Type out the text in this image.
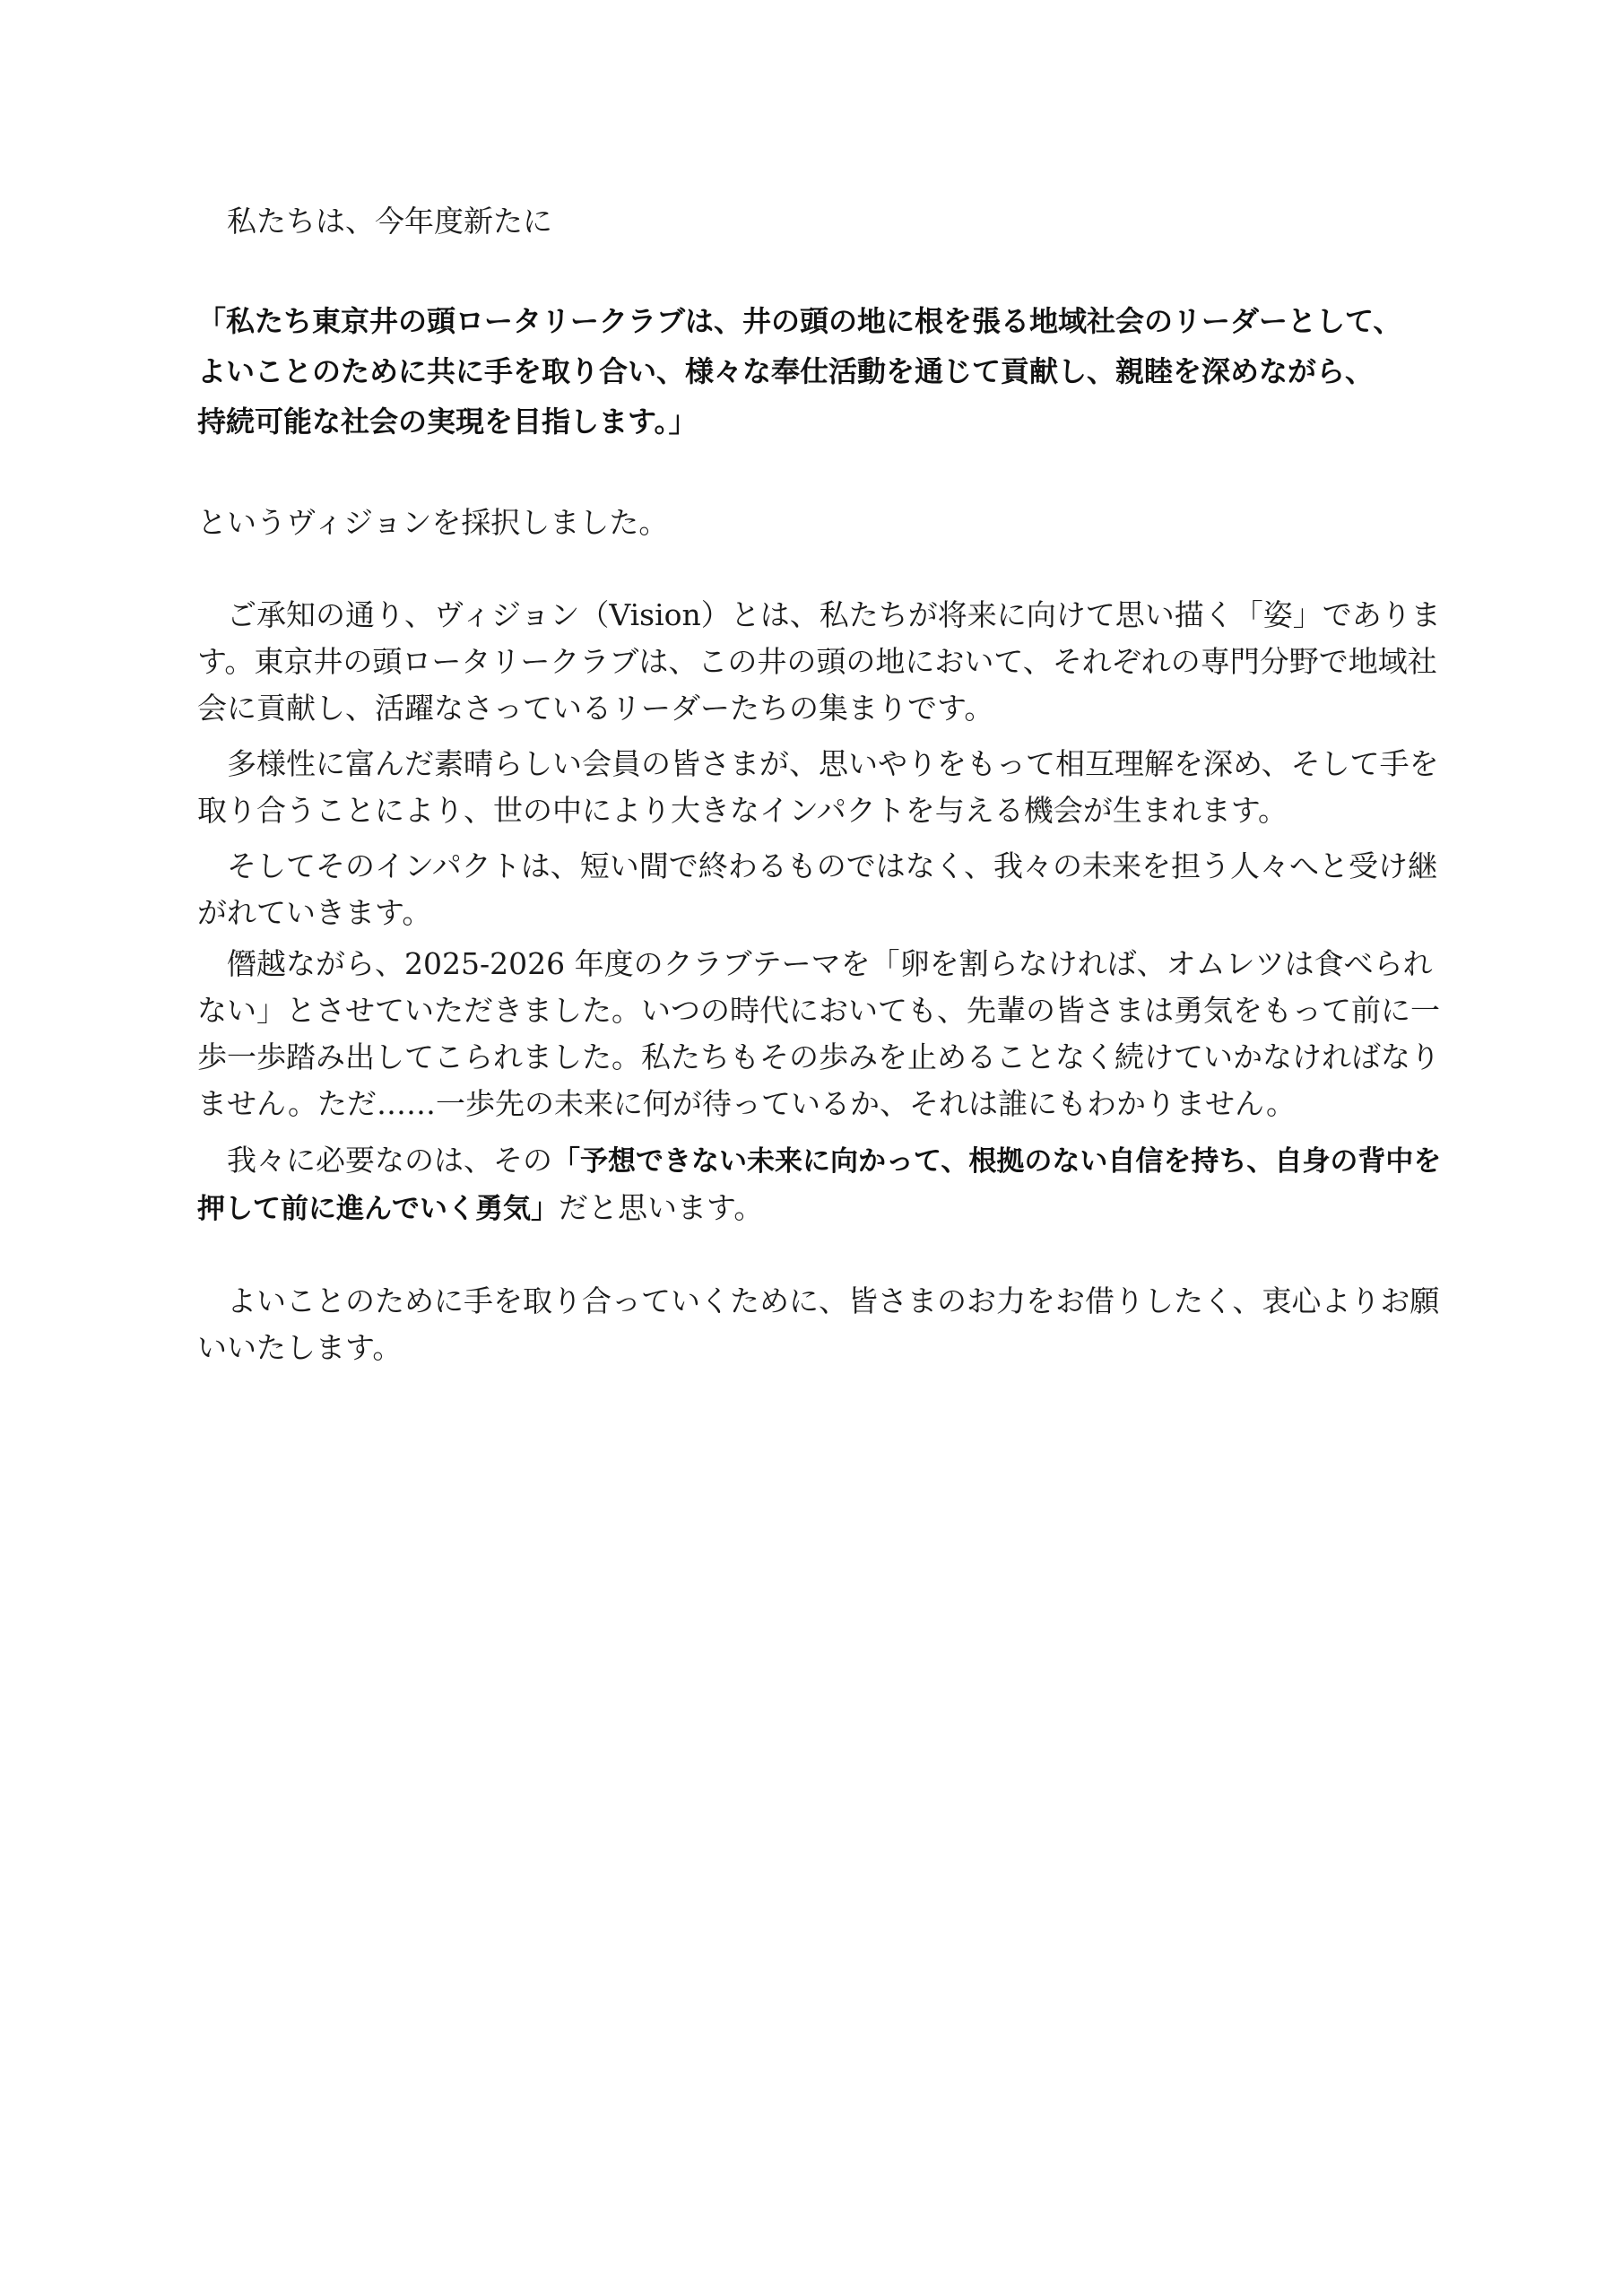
私たちは、今年度新たに

「私たち東京井の頭ロータリークラブは、井の頭の地に根を張る地域社会のリーダーとして、
よいことのために共に手を取り合い、様々な奉仕活動を通じて貢献し、親睦を深めながら、
持続可能な社会の実現を目指します。」

というヴィジョンを採択しました。

ご承知の通り、ヴィジョン（Vision）とは、私たちが将来に向けて思い描く「姿」であります。東京井の頭ロータリークラブは、この井の頭の地において、それぞれの専門分野で地域社会に貢献し、活躍なさっているリーダーたちの集まりです。

多様性に富んだ素晴らしい会員の皆さまが、思いやりをもって相互理解を深め、そして手を取り合うことにより、世の中により大きなインパクトを与える機会が生まれます。

そしてそのインパクトは、短い間で終わるものではなく、我々の未来を担う人々へと受け継がれていきます。

僭越ながら、2025-2026 年度のクラブテーマを「卵を割らなければ、オムレツは食べられない」とさせていただきました。いつの時代においても、先輩の皆さまは勇気をもって前に一歩一歩踏み出してこられました。私たちもその歩みを止めることなく続けていかなければなりません。ただ……一歩先の未来に何が待っているか、それは誰にもわかりません。

我々に必要なのは、その「予想できない未来に向かって、根拠のない自信を持ち、自身の背中を押して前に進んでいく勇気」だと思います。

よいことのために手を取り合っていくために、皆さまのお力をお借りしたく、衷心よりお願いいたします。
